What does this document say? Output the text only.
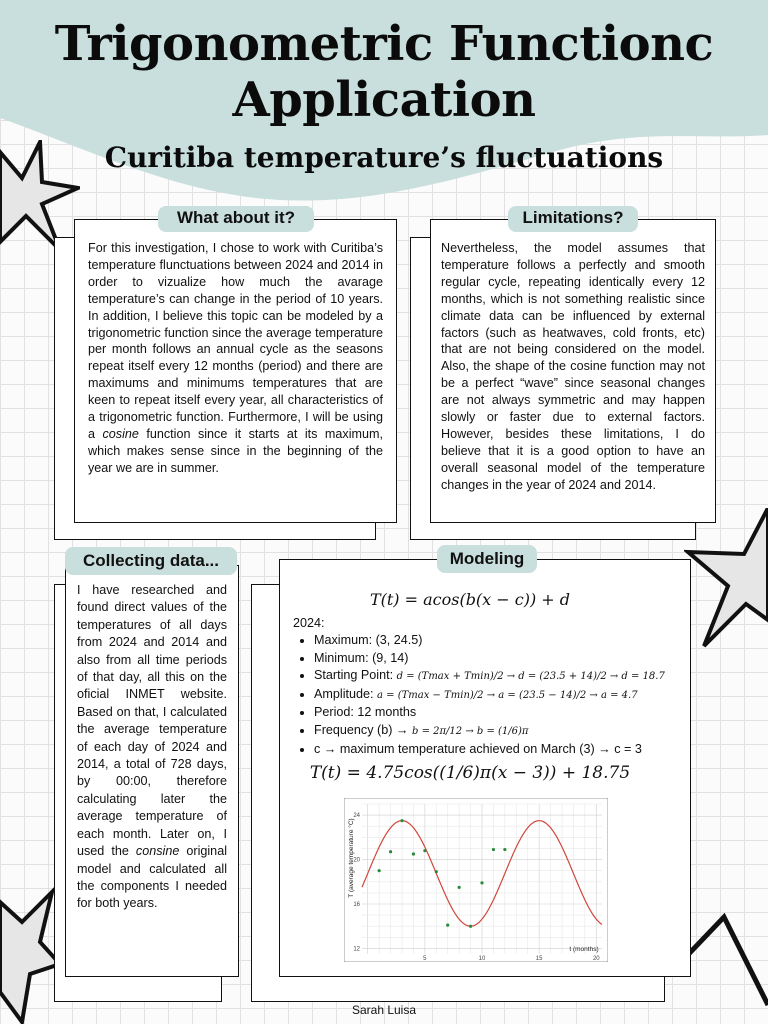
Trigonometric Functionc
Application
Curitiba temperature’s fluctuations

For this investigation, I chose to work with Curitiba’s temperature flunctuations between 2024 and 2014 in order to vizualize how much the avarage temperature’s can change in the period of 10 years. In addition, I believe this topic can be modeled by a trigonometric function since the average temperature per month follows an annual cycle as the seasons repeat itself every 12 months (period) and there are maximums and minimums temperatures that are keen to repeat itself every year, all characteristics of a trigonometric function. Furthermore, I will be using a cosine function since it starts at its maximum, which makes sense since in the beginning of the year we are in summer.

What about it?

Nevertheless, the model assumes that temperature follows a perfectly and smooth regular cycle, repeating identically every 12 months, which is not something realistic since climate data can be influenced by external factors (such as heatwaves, cold fronts, etc) that are not being considered on the model. Also, the shape of the cosine function may not be a perfect “wave” since seasonal changes are not always symmetric and may happen slowly or faster due to external factors. However, besides these limitations, I do believe that it is a good option to have an overall seasonal model of the temperature changes in the year of 2024 and 2014.

Limitations?

I have researched and found direct values of the temperatures of all days from 2024 and 2014 and also from all time periods of that day, all this on the oficial INMET website. Based on that, I calculated the average temperature of each day of 2024 and 2014, a total of 728 days, by 00:00, therefore calculating later the average temperature of each month. Later on, I used the consine original model and calculated all the components I needed for both years.

Collecting data...
T(t) = acos(b(x − c)) + d
2024:
• Maximum: (3, 24.5)
• Minimum: (9, 14)
• Starting Point: d = (Tmax + Tmin)/2 → d = (23.5 + 14)/2 → d = 18.7
• Amplitude: a = (Tmax − Tmin)/2 → a = (23.5 − 14)/2 → a = 4.7
• Period: 12 months
• Frequency (b) → b = 2π/12 → b = (1/6)π
• c → maximum temperature achieved on March (3) → c = 3
T(t) = 4.75cos((1/6)π(x − 3)) + 18.75
12
16
20
24
5	10	15	20
T (average temperature °C)
t (months)
Modeling
Sarah Luisa
